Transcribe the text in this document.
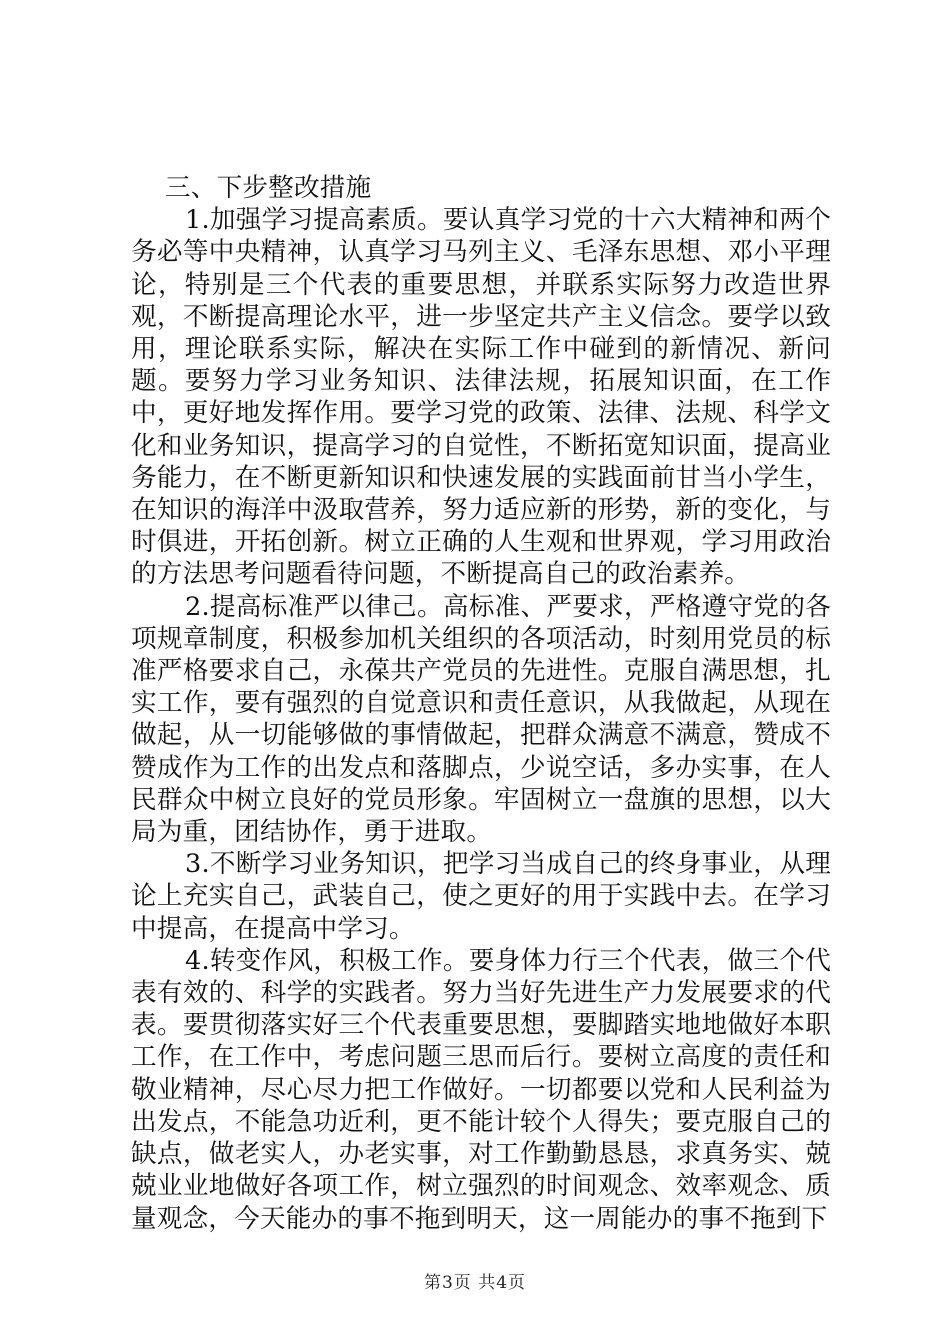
三、下步整改措施

1.加强学习提高素质。要认真学习党的十六大精神和两个务必等中央精神，认真学习马列主义、毛泽东思想、邓小平理论，特别是三个代表的重要思想，并联系实际努力改造世界观，不断提高理论水平，进一步坚定共产主义信念。要学以致用，理论联系实际，解决在实际工作中碰到的新情况、新问题。要努力学习业务知识、法律法规，拓展知识面，在工作中，更好地发挥作用。要学习党的政策、法律、法规、科学文化和业务知识，提高学习的自觉性，不断拓宽知识面，提高业务能力，在不断更新知识和快速发展的实践面前甘当小学生，在知识的海洋中汲取营养，努力适应新的形势，新的变化，与时俱进，开拓创新。树立正确的人生观和世界观，学习用政治的方法思考问题看待问题，不断提高自己的政治素养。

2.提高标准严以律己。高标准、严要求，严格遵守党的各项规章制度，积极参加机关组织的各项活动，时刻用党员的标准严格要求自己，永葆共产党员的先进性。克服自满思想，扎实工作，要有强烈的自觉意识和责任意识，从我做起，从现在做起，从一切能够做的事情做起，把群众满意不满意，赞成不赞成作为工作的出发点和落脚点，少说空话，多办实事，在人民群众中树立良好的党员形象。牢固树立一盘旗的思想，以大局为重，团结协作，勇于进取。

3.不断学习业务知识，把学习当成自己的终身事业，从理论上充实自己，武装自己，使之更好的用于实践中去。在学习中提高，在提高中学习。

4.转变作风，积极工作。要身体力行三个代表，做三个代表有效的、科学的实践者。努力当好先进生产力发展要求的代表。要贯彻落实好三个代表重要思想，要脚踏实地地做好本职工作，在工作中，考虑问题三思而后行。要树立高度的责任和敬业精神，尽心尽力把工作做好。一切都要以党和人民利益为出发点，不能急功近利，更不能计较个人得失；要克服自己的缺点，做老实人，办老实事，对工作勤勤恳恳，求真务实、兢兢业业地做好各项工作，树立强烈的时间观念、效率观念、质量观念，今天能办的事不拖到明天，这一周能办的事不拖到下

第3页 共4页
